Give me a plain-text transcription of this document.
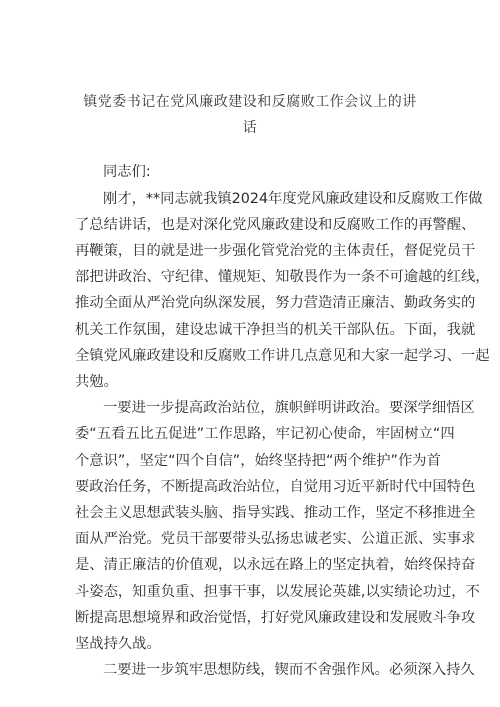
镇党委书记在党风廉政建设和反腐败工作会议上的讲
话
同志们:
刚才，**同志就我镇2024年度党风廉政建设和反腐败工作做
了总结讲话，也是对深化党风廉政建设和反腐败工作的再警醒、
再鞭策，目的就是进一步强化管党治党的主体责任，督促党员干
部把讲政治、守纪律、懂规矩、知敬畏作为一条不可逾越的红线，
推动全面从严治党向纵深发展，努力营造清正廉洁、勤政务实的
机关工作氛围，建设忠诚干净担当的机关干部队伍。下面，我就
全镇党风廉政建设和反腐败工作讲几点意见和大家一起学习、一起
共勉。
一要进一步提高政治站位，旗帜鲜明讲政治。要深学细悟区
委“五看五比五促进”工作思路，牢记初心使命，牢固树立“四
个意识”，坚定“四个自信”，始终坚持把“两个维护”作为首
要政治任务，不断提高政治站位，自觉用习近平新时代中国特色
社会主义思想武装头脑、指导实践、推动工作，坚定不移推进全
面从严治党。党员干部要带头弘扬忠诚老实、公道正派、实事求
是、清正廉洁的价值观，以永远在路上的坚定执着，始终保持奋
斗姿态，知重负重、担事干事，以发展论英雄,以实绩论功过，不
断提高思想境界和政治觉悟，打好党风廉政建设和发展败斗争攻
坚战持久战。
二要进一步筑牢思想防线，锲而不舍强作风。必须深入持久
